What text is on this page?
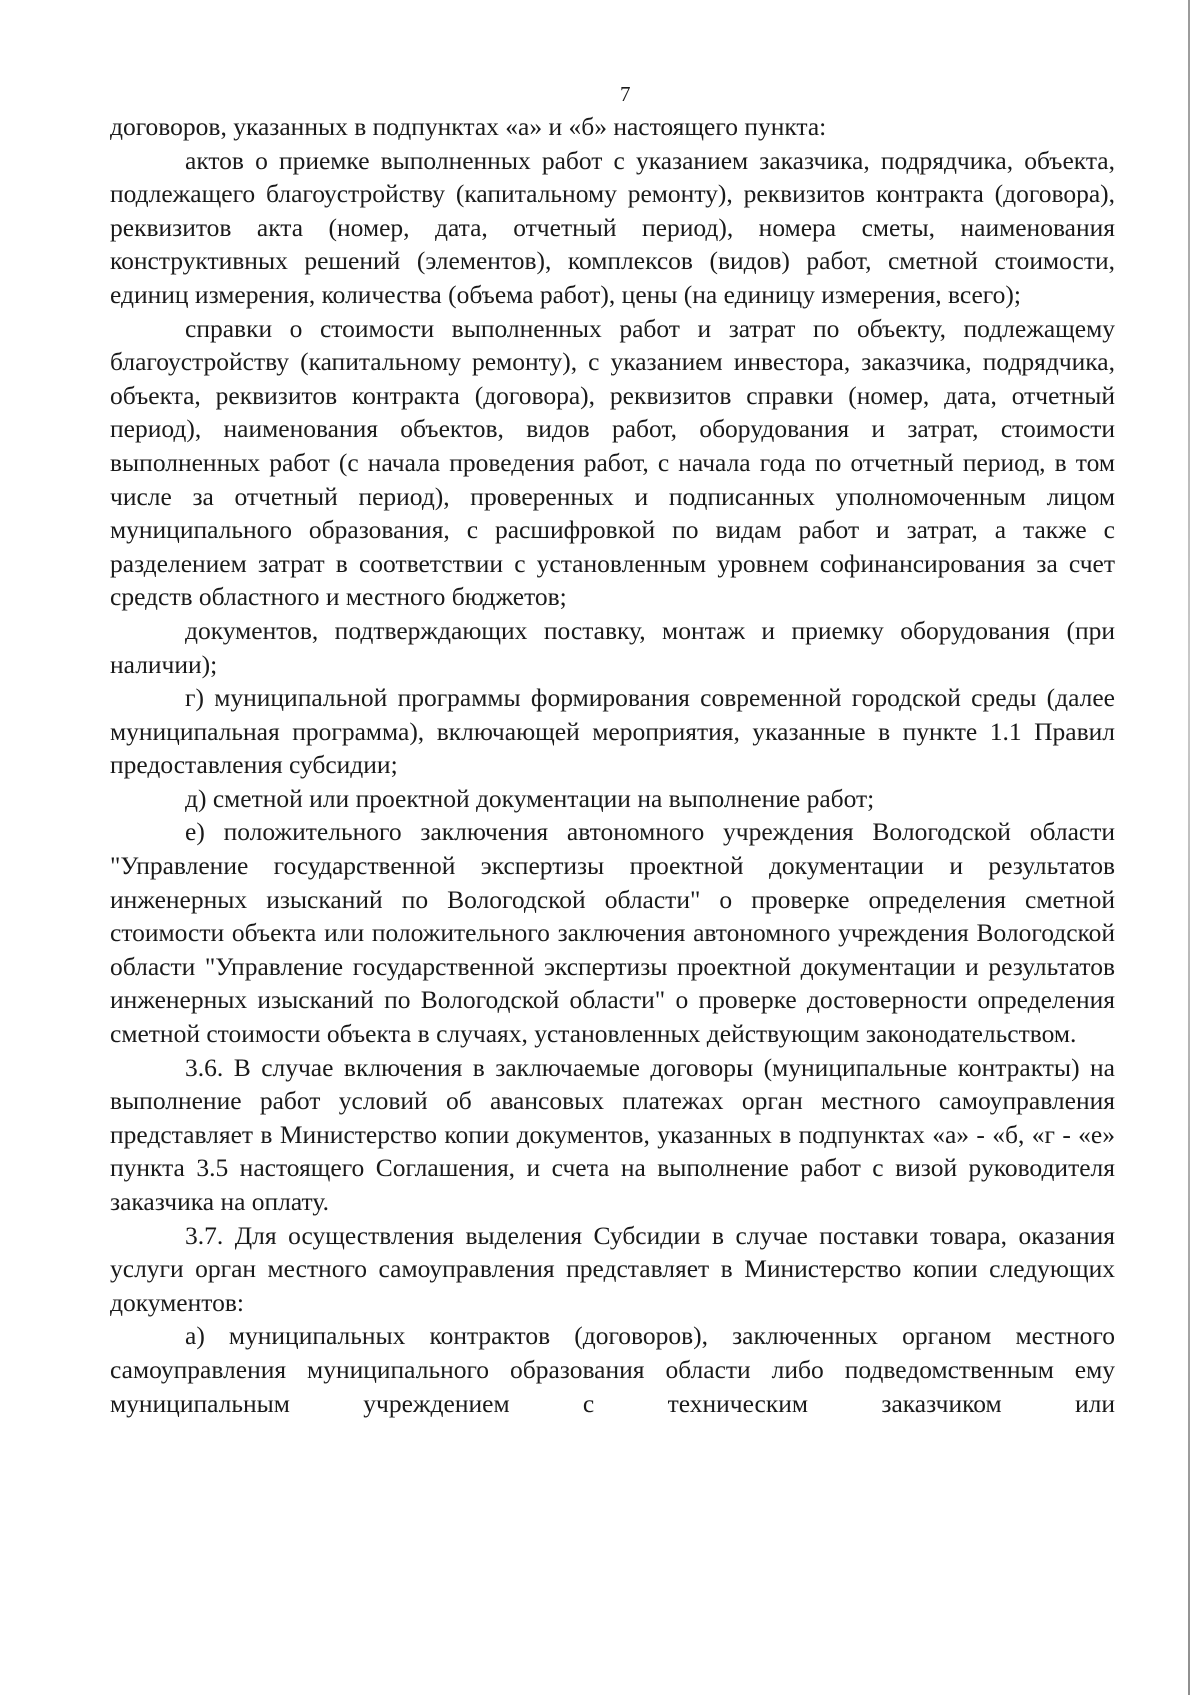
7

договоров, указанных в подпунктах «а» и «б» настоящего пункта:

актов о приемке выполненных работ с указанием заказчика, подрядчика, объекта, подлежащего благоустройству (капитальному ремонту), реквизитов контракта (договора), реквизитов акта (номер, дата, отчетный период), номера сметы, наименования конструктивных решений (элементов), комплексов (видов) работ, сметной стоимости, единиц измерения, количества (объема работ), цены (на единицу измерения, всего);

справки о стоимости выполненных работ и затрат по объекту, подлежащему благоустройству (капитальному ремонту), с указанием инвестора, заказчика, подрядчика, объекта, реквизитов контракта (договора), реквизитов справки (номер, дата, отчетный период), наименования объектов, видов работ, оборудования и затрат, стоимости выполненных работ (с начала проведения работ, с начала года по отчетный период, в том числе за отчетный период), проверенных и подписанных уполномоченным лицом муниципального образования, с расшифровкой по видам работ и затрат, а также с разделением затрат в соответствии с установленным уровнем софинансирования за счет средств областного и местного бюджетов;

документов, подтверждающих поставку, монтаж и приемку оборудования (при наличии);

г) муниципальной программы формирования современной городской среды (далее муниципальная программа), включающей мероприятия, указанные в пункте 1.1 Правил предоставления субсидии;

д) сметной или проектной документации на выполнение работ;

е) положительного заключения автономного учреждения Вологодской области "Управление государственной экспертизы проектной документации и результатов инженерных изысканий по Вологодской области" о проверке определения сметной стоимости объекта или положительного заключения автономного учреждения Вологодской области "Управление государственной экспертизы проектной документации и результатов инженерных изысканий по Вологодской области" о проверке достоверности определения сметной стоимости объекта в случаях, установленных действующим законодательством.

3.6. В случае включения в заключаемые договоры (муниципальные контракты) на выполнение работ условий об авансовых платежах орган местного самоуправления представляет в Министерство копии документов, указанных в подпунктах «а» - «б, «г - «е» пункта 3.5 настоящего Соглашения, и счета на выполнение работ с визой руководителя заказчика на оплату.

3.7. Для осуществления выделения Субсидии в случае поставки товара, оказания услуги орган местного самоуправления представляет в Министерство копии следующих документов:

а) муниципальных контрактов (договоров), заключенных органом местного самоуправления муниципального образования области либо подведомственным ему муниципальным учреждением с техническим заказчиком или
